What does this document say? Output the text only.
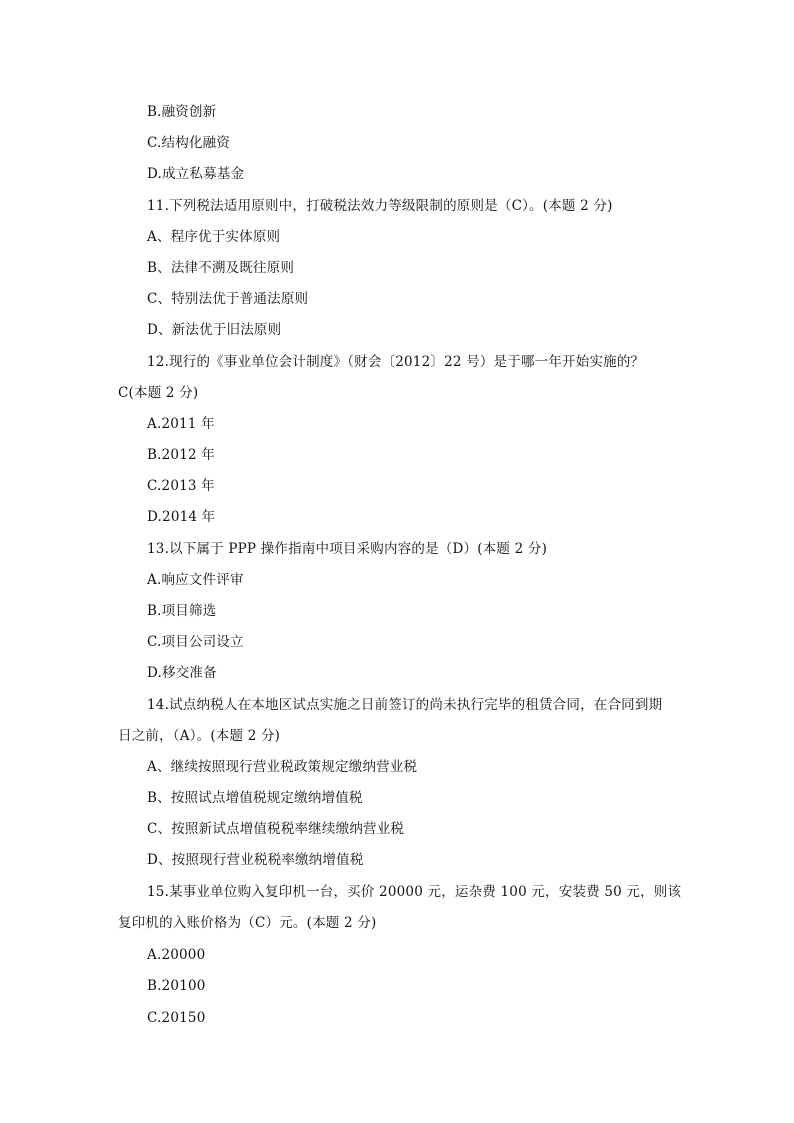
B.融资创新
C.结构化融资
D.成立私募基金
11.下列税法适用原则中，打破税法效力等级限制的原则是（C）。(本题 2 分)
A、程序优于实体原则
B、法律不溯及既往原则
C、特别法优于普通法原则
D、新法优于旧法原则
12.现行的《事业单位会计制度》（财会〔2012〕22 号）是于哪一年开始实施的？
C(本题 2 分)
A.2011 年
B.2012 年
C.2013 年
D.2014 年
13.以下属于 PPP 操作指南中项目采购内容的是（D）(本题 2 分)
A.响应文件评审
B.项目筛选
C.项目公司设立
D.移交准备
14.试点纳税人在本地区试点实施之日前签订的尚未执行完毕的租赁合同，在合同到期
日之前，（A）。(本题 2 分)
A、继续按照现行营业税政策规定缴纳营业税
B、按照试点增值税规定缴纳增值税
C、按照新试点增值税税率继续缴纳营业税
D、按照现行营业税税率缴纳增值税
15.某事业单位购入复印机一台，买价 20000 元，运杂费 100 元，安装费 50 元，则该
复印机的入账价格为（C）元。(本题 2 分)
A.20000
B.20100
C.20150
